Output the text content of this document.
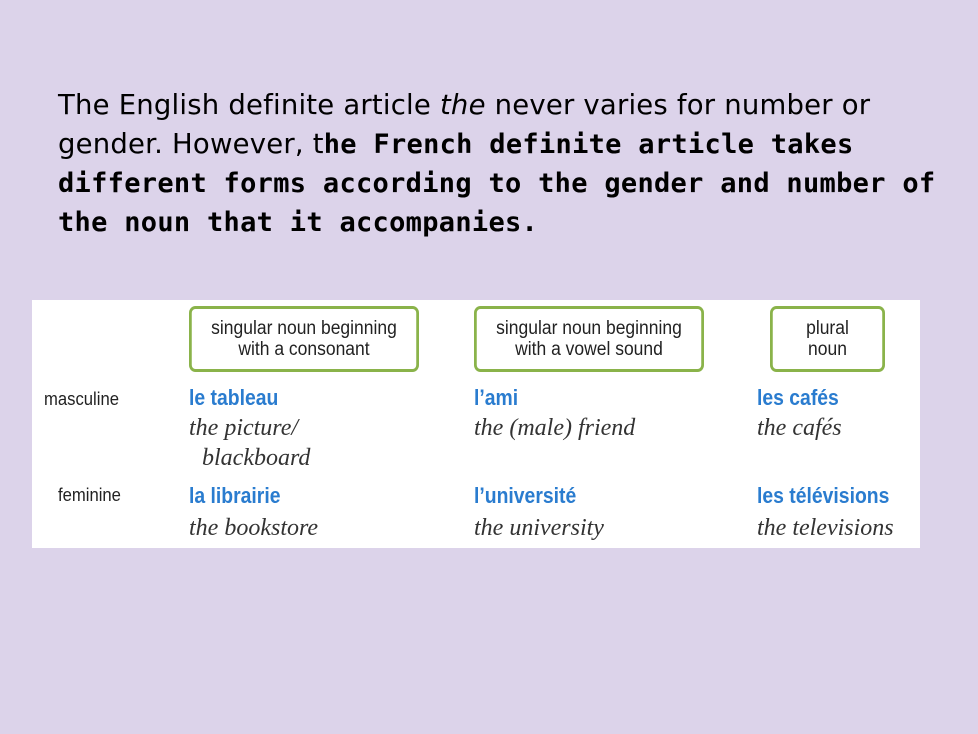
The English definite article the never varies for number or gender. However, the French definite article takes different forms according to the gender and number of the noun that it accompanies.
singular noun beginning
with a consonant
singular noun beginning
with a vowel sound
plural
noun
masculine	le tableau
the picture/
blackboard
l’ami
the (male) friend
les cafés
the cafés
feminine	la librairie
the bookstore
l’université
the university
les télévisions
the televisions
